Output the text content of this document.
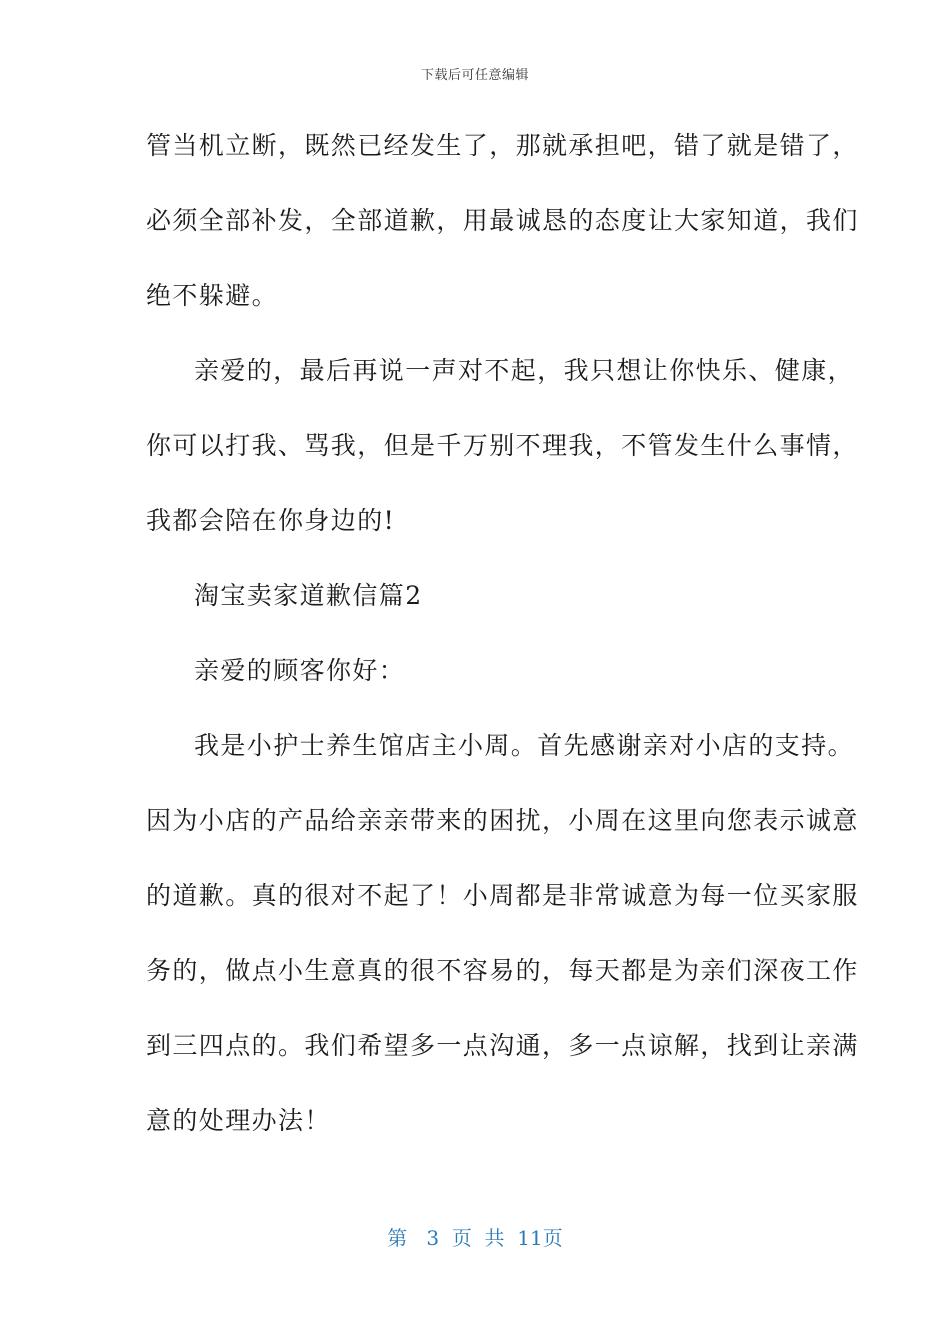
下载后可任意编辑
管当机立断，既然已经发生了，那就承担吧，错了就是错了，
必须全部补发，全部道歉，用最诚恳的态度让大家知道，我们
绝不躲避。
亲爱的，最后再说一声对不起，我只想让你快乐、健康，
你可以打我、骂我，但是千万别不理我，不管发生什么事情，
我都会陪在你身边的!
淘宝卖家道歉信篇2
亲爱的顾客你好：
我是小护士养生馆店主小周。首先感谢亲对小店的支持。
因为小店的产品给亲亲带来的困扰，小周在这里向您表示诚意
的道歉。真的很对不起了！小周都是非常诚意为每一位买家服
务的，做点小生意真的很不容易的，每天都是为亲们深夜工作
到三四点的。我们希望多一点沟通，多一点谅解，找到让亲满
意的处理办法！
第 3 页 共 11页
